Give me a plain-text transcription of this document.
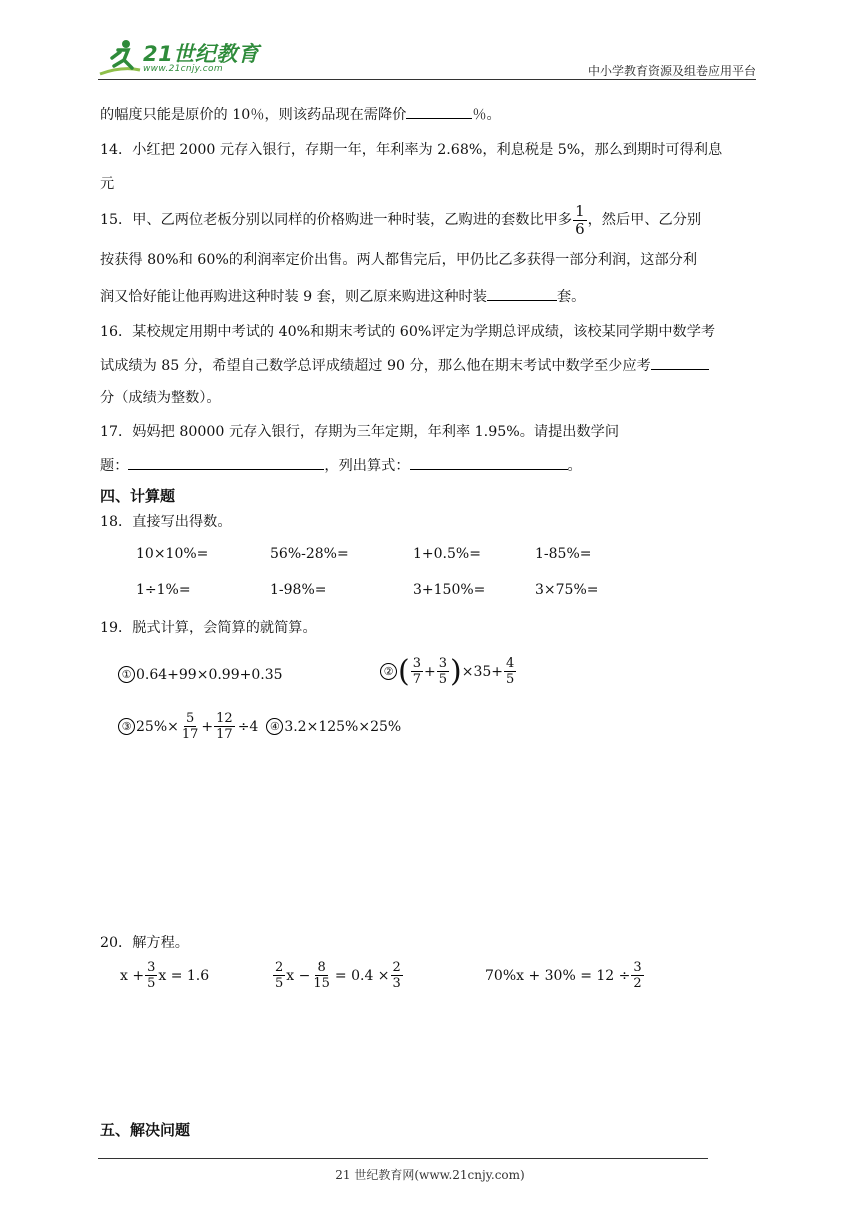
21世纪教育
www.21cnjy.com	中小学教育资源及组卷应用平台
的幅度只能是原价的 10％，则该药品现在需降价	％。
14．小红把 2000 元存入银行，存期一年，年利率为 2.68%，利息税是 5%，那么到期时可得利息
元
15．甲、乙两位老板分别以同样的价格购进一种时装，乙购进的套数比甲多 $\frac{1}{6}$ ，然后甲、乙分别
按获得 80%和 60%的利润率定价出售。两人都售完后，甲仍比乙多获得一部分利润，这部分利
润又恰好能让他再购进这种时装 9 套，则乙原来购进这种时装	套。
16．某校规定用期中考试的 40%和期末考试的 60%评定为学期总评成绩，该校某同学期中数学考
试成绩为 85 分，希望自己数学总评成绩超过 90 分，那么他在期末考试中数学至少应考
分（成绩为整数）。
17．妈妈把 80000 元存入银行，存期为三年定期，年利率 1.95%。请提出数学问
题：	，列出算式：	。
四、计算题
18．直接写出得数。
10×10%=	56%-28%=	1+0.5%=	1-85%=
1÷1%=	1-98%=	3+150%=	3×75%=
19．脱式计算，会简算的就简算。
① 0.64+99×0.99+0.35	② ( $\frac{3}{7} + \frac{3}{5}$ ) $\times 35+ \frac{4}{5}$
③ $25\%\times \frac{5}{17} + \frac{12}{17} \div 4$	④ 3.2×125%×25%
20．解方程。
$x + \frac{3}{5}$ x = 1.6	$\frac{2}{5}$ $x - \frac{8}{15} = 0.4 \times \frac{2}{3}$	$70\%x + 30\% = 12 \div \frac{3}{2}$
五、解决问题
21 世纪教育网(www.21cnjy.com)
